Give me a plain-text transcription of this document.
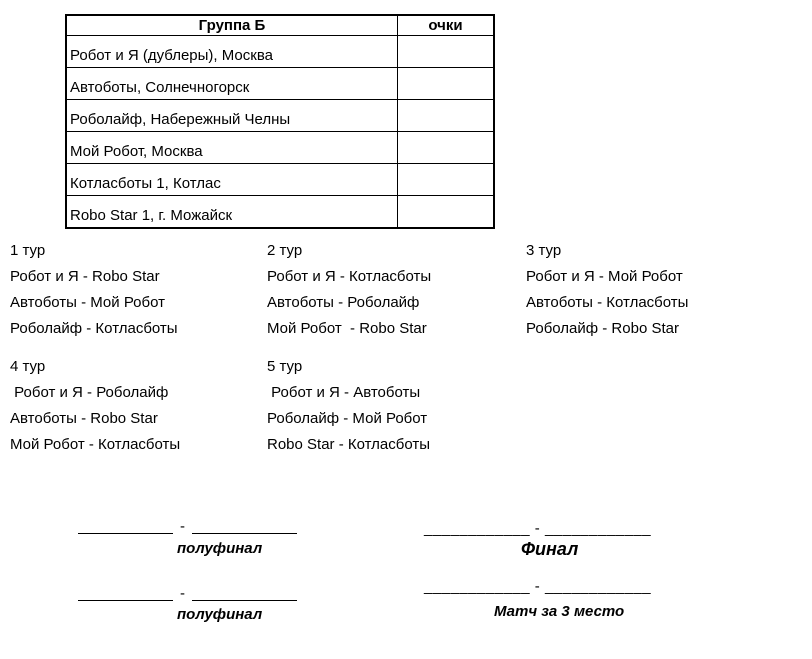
Группа Б	очки
Робот и Я (дублеры), Москва	
Автоботы, Солнечногорск	
Роболайф, Набережный Челны	
Мой Робот, Москва	
Котласботы 1, Котлас	
Robo Star 1, г. Можайск	

1 тур

Робот и Я - Robo Star

Автоботы - Мой Робот

Роболайф - Котласботы

2 тур

Робот и Я - Котласботы

Автоботы - Роболайф

Мой Робот  - Robo Star

3 тур

Робот и Я - Мой Робот

Автоботы - Котласботы

Роболайф - Robo Star

4 тур

Робот и Я - Роболайф

Автоботы - Robo Star

Мой Робот - Котласботы

5 тур

Робот и Я - Автоботы

Роболайф - Мой Робот

Robo Star - Котласботы

-
полуфинал
____________ - ____________
Финал
-
полуфинал
____________ - ____________
Матч за 3 место
